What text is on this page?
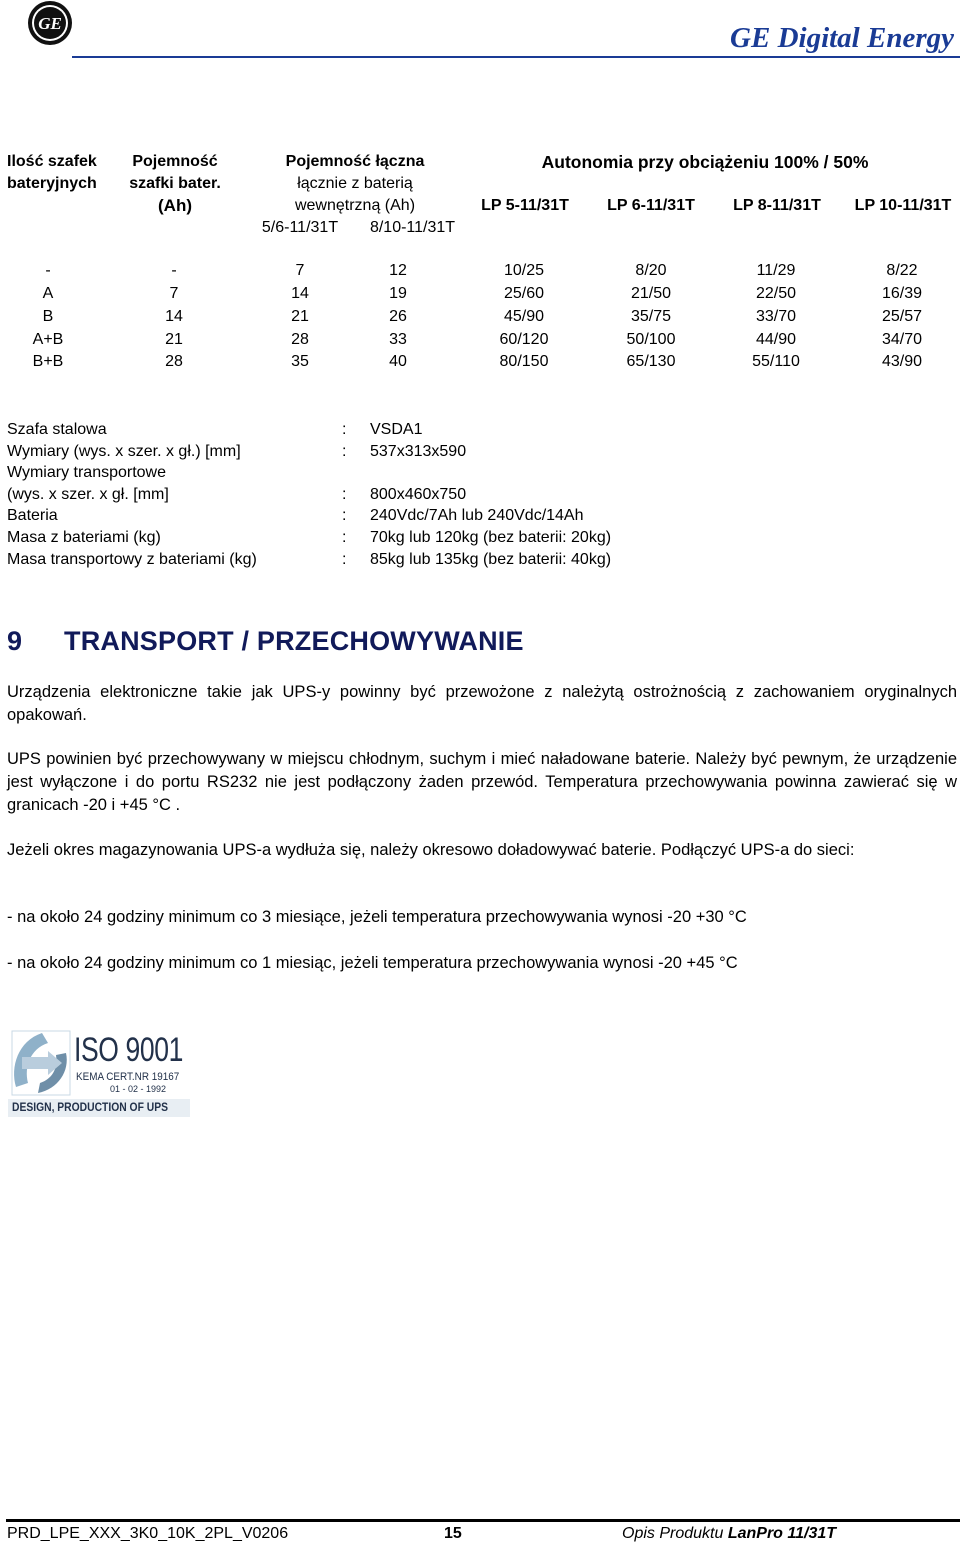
GE	GE Digital Energy
Ilość szafek
bateryjnych
Pojemność
szafki bater.
(Ah)
Pojemność łączna
łącznie z baterią
wewnętrzną (Ah)
5/6-11/31T	8/10-11/31T
Autonomia przy obciążeniu 100% / 50%
LP 5-11/31T	LP 6-11/31T	LP 8-11/31T	LP 10-11/31T
-	-	7	12	10/25	8/20	11/29	8/22
A	7	14	19	25/60	21/50	22/50	16/39
B	14	21	26	45/90	35/75	33/70	25/57
A+B	21	28	33	60/120	50/100	44/90	34/70
B+B	28	35	40	80/150	65/130	55/110	43/90
Szafa stalowa	: VSDA1
Wymiary (wys. x szer. x gł.) [mm]	: 537x313x590
Wymiary transportowe
(wys. x szer. x gł. [mm]	: 800x460x750
Bateria	: 240Vdc/7Ah lub 240Vdc/14Ah
Masa z bateriami (kg)	: 70kg lub 120kg (bez baterii: 20kg)
Masa transportowy z bateriami (kg)	: 85kg lub 135kg (bez baterii: 40kg)
9 TRANSPORT / PRZECHOWYWANIE
Urządzenia elektroniczne takie jak UPS-y powinny być przewożone z należytą ostrożnością z zachowaniem oryginalnych opakowań.
UPS powinien być przechowywany w miejscu chłodnym, suchym i mieć naładowane baterie. Należy być pewnym, że urządzenie jest wyłączone i do portu RS232 nie jest podłączony żaden przewód. Temperatura przechowywania powinna zawierać się w granicach -20 i +45 °C .
Jeżeli okres magazynowania UPS-a wydłuża się, należy okresowo doładowywać baterie. Podłączyć UPS-a do sieci:
- na około 24 godziny minimum co 3 miesiące, jeżeli temperatura przechowywania wynosi -20 +30 °C
- na około 24 godziny minimum co 1 miesiąc, jeżeli temperatura przechowywania wynosi -20 +45 °C
ISO 9001
KEMA CERT.NR 19167
01 - 02 - 1992
DESIGN, PRODUCTION OF UPS
PRD_LPE_XXX_3K0_10K_2PL_V0206	15	Opis Produktu LanPro 11/31T
